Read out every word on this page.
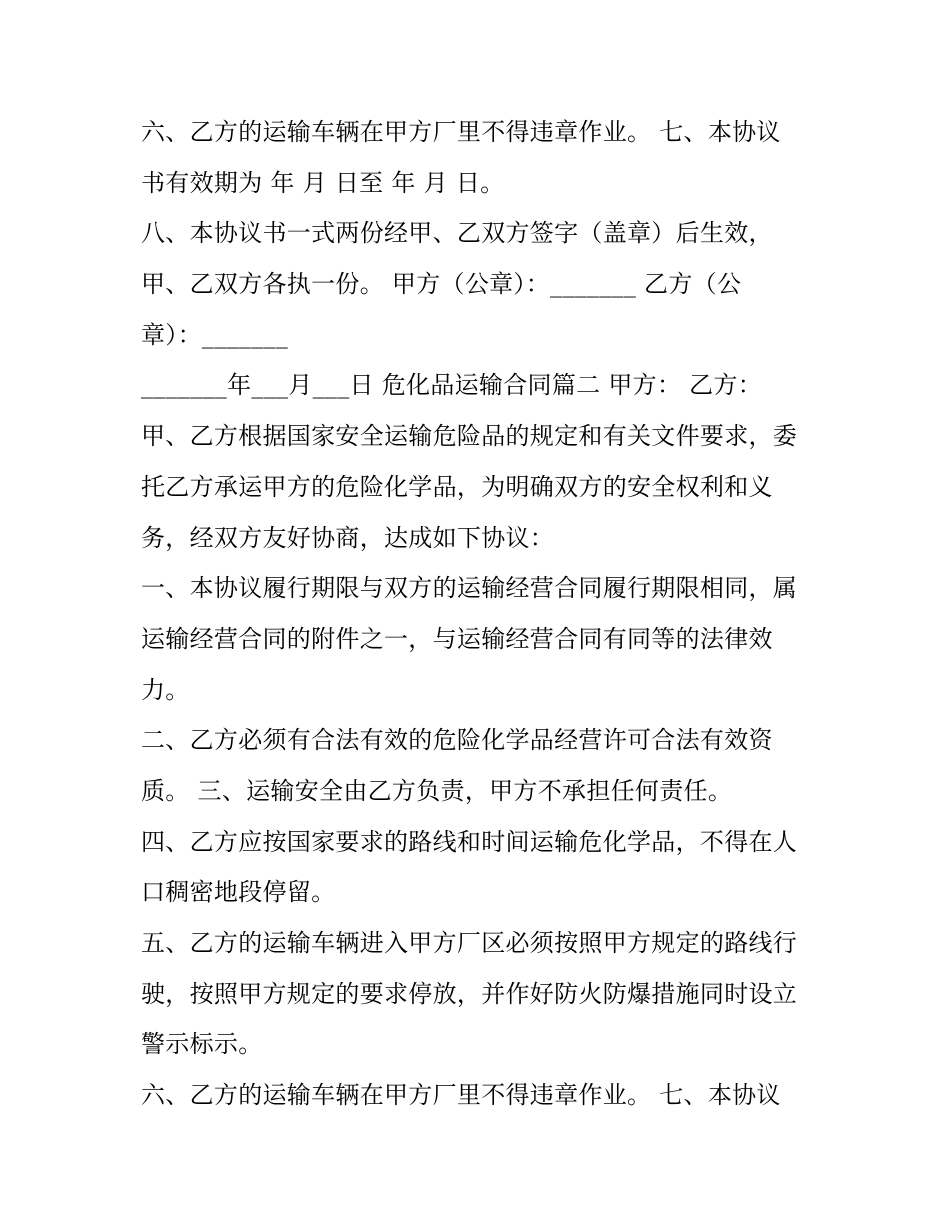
六、乙方的运输车辆在甲方厂里不得违章作业。 七、本协议
书有效期为 年 月 日至 年 月 日。
八、本协议书一式两份经甲、乙双方签字（盖章）后生效，
甲、乙双方各执一份。 甲方（公章）：_______ 乙方（公
章）：_______
_______年___月___日 危化品运输合同篇二 甲方： 乙方：
甲、乙方根据国家安全运输危险品的规定和有关文件要求，委
托乙方承运甲方的危险化学品，为明确双方的安全权利和义
务，经双方友好协商，达成如下协议：
一、本协议履行期限与双方的运输经营合同履行期限相同，属
运输经营合同的附件之一，与运输经营合同有同等的法律效
力。
二、乙方必须有合法有效的危险化学品经营许可合法有效资
质。 三、运输安全由乙方负责，甲方不承担任何责任。
四、乙方应按国家要求的路线和时间运输危化学品，不得在人
口稠密地段停留。
五、乙方的运输车辆进入甲方厂区必须按照甲方规定的路线行
驶，按照甲方规定的要求停放，并作好防火防爆措施同时设立
警示标示。
六、乙方的运输车辆在甲方厂里不得违章作业。 七、本协议
